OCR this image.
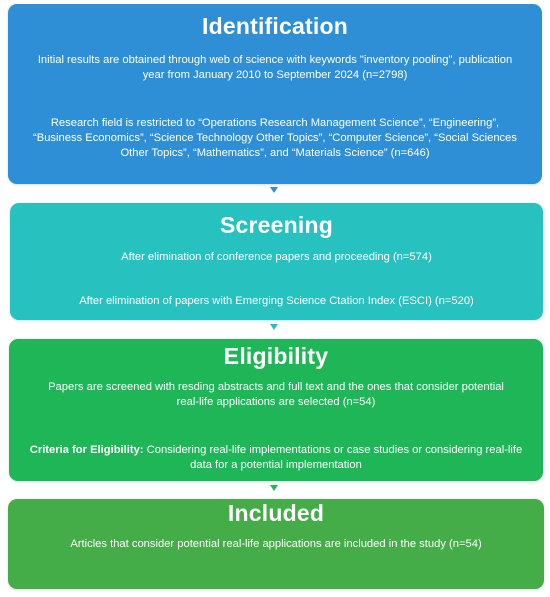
Identification
Initial results are obtained through web of science with keywords "inventory pooling", publication year from January 2010 to September 2024 (n=2798)
Research field is restricted to “Operations Research Management Science”, “Engineering”, “Business Economics”, “Science Technology Other Topics”, “Computer Science”, “Social Sciences Other Topics”, “Mathematics”, and “Materials Science” (n=646)
Screening
After elimination of conference papers and proceeding (n=574)
After elimination of papers with Emerging Science Ctation Index (ESCI) (n=520)
Eligibility
Papers are screened with resding abstracts and full text and the ones that consider potential real-life applications are selected (n=54)
Criteria for Eligibility: Considering real-life implementations or case studies or considering real-life data for a potential implementation
Included
Articles that consider potential real-life applications are included in the study (n=54)
